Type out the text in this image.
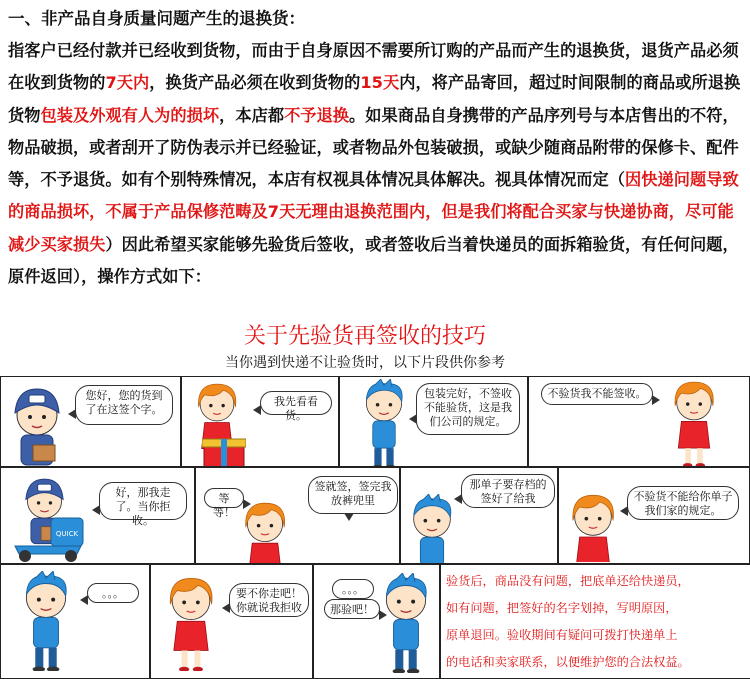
一、非产品自身质量问题产生的退换货：

指客户已经付款并已经收到货物，而由于自身原因不需要所订购的产品而产生的退换货，退货产品必须在收到货物的7天内，换货产品必须在收到货物的15天内，将产品寄回，超过时间限制的商品或所退换货物包装及外观有人为的损坏，本店都不予退换。如果商品自身携带的产品序列号与本店售出的不符，物品破损，或者刮开了防伪表示并已经验证，或者物品外包装破损，或缺少随商品附带的保修卡、配件等，不予退货。如有个别特殊情况，本店有权视具体情况具体解决。视具体情况而定（因快递问题导致的商品损坏，不属于产品保修范畴及7天无理由退换范围内，但是我们将配合买家与快递协商，尽可能减少买家损失）因此希望买家能够先验货后签收，或者签收后当着快递员的面拆箱验货，有任何问题，原件返回），操作方式如下：

关于先验货再签收的技巧
当你遇到快递不让验货时，以下片段供你参考
您好，您的货到了在这签个字。
我先看看货。
包装完好，不签收不能验货，这是我们公司的规定。
不验货我不能签收。
QUICK
好，那我走了。当你拒收。
等等！
签就签，签完我放裤兜里
那单子要存档的签好了给我	不验货不能给你单子我们家的规定。
。。。	要不你走吧！你就说我拒收
。。。
那验吧！

验货后，商品没有问题，把底单还给快递员，

如有问题，把签好的名字划掉，写明原因，

原单退回。验收期间有疑问可拨打快递单上

的电话和卖家联系，以便维护您的合法权益。
